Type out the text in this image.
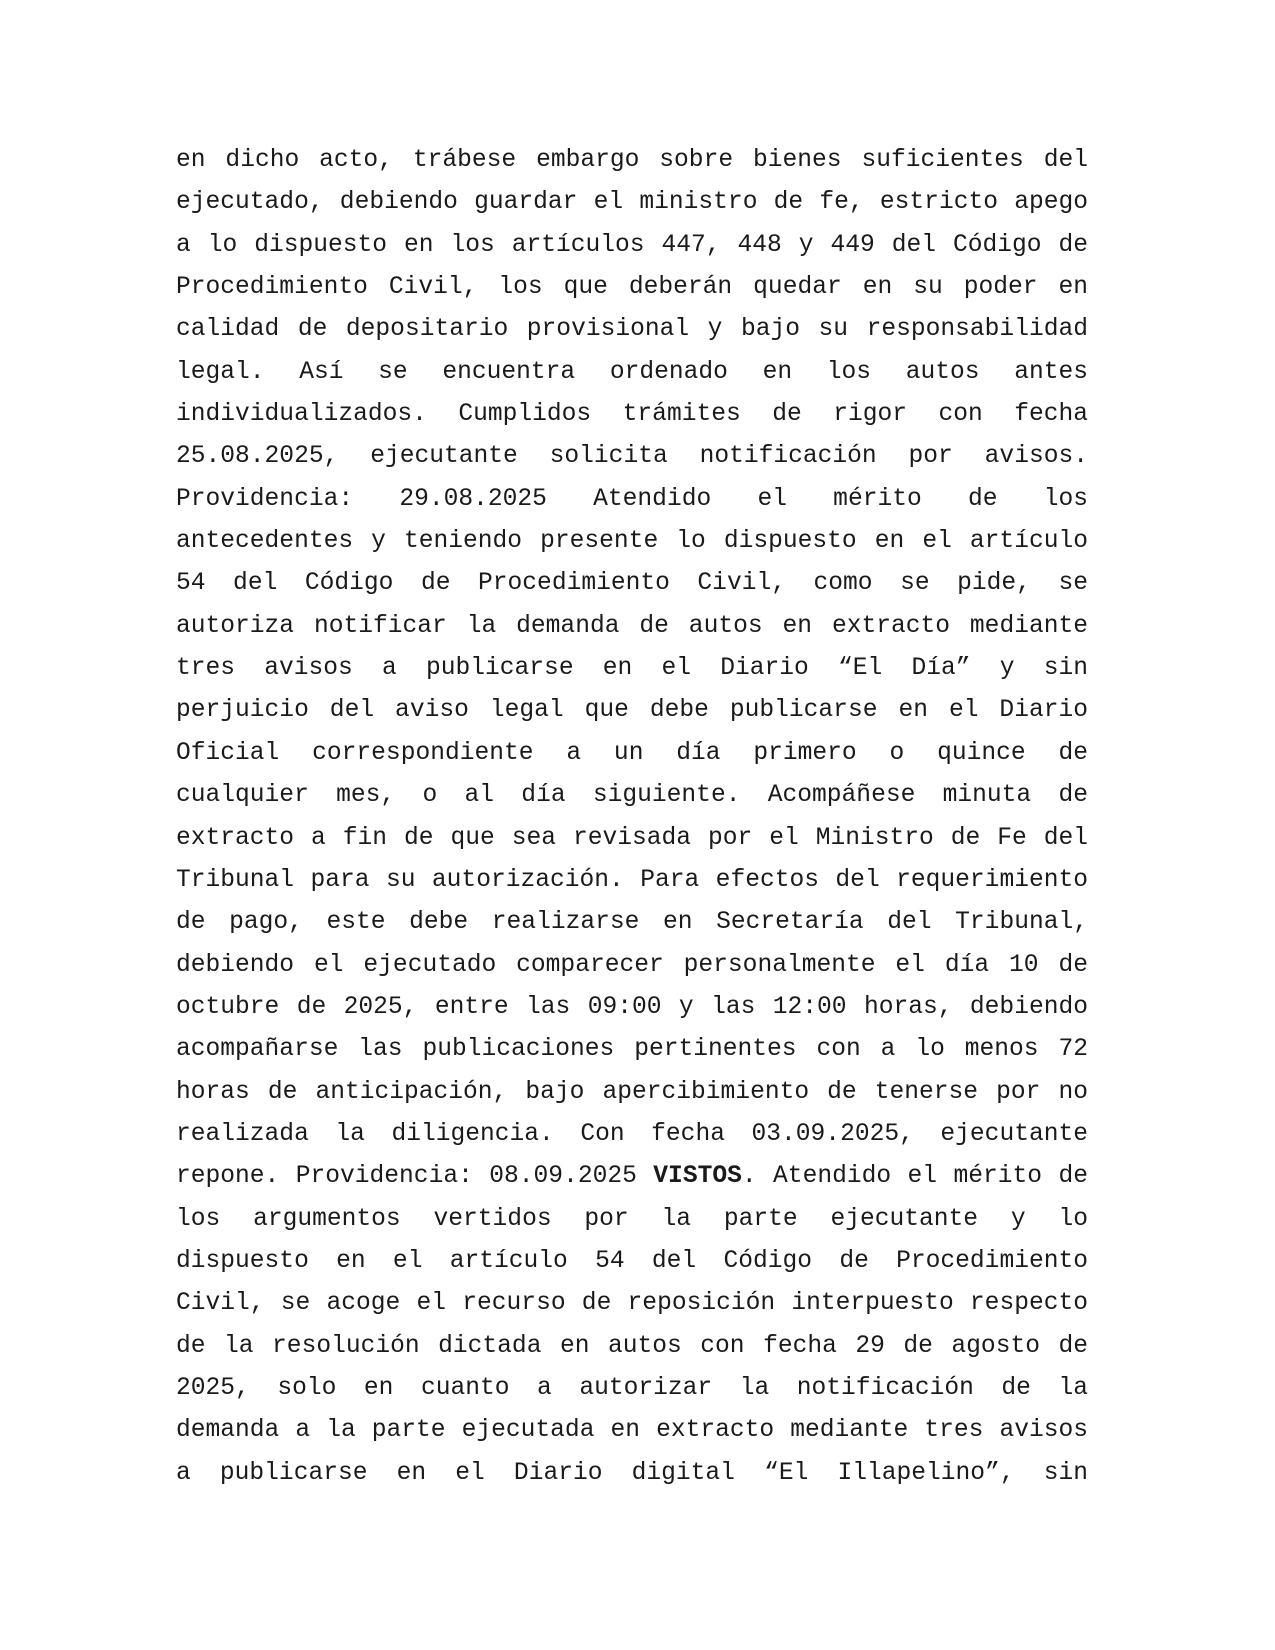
en dicho acto, trábese embargo sobre bienes suficientes del
ejecutado, debiendo guardar el ministro de fe, estricto apego
a lo dispuesto en los artículos 447, 448 y 449 del Código de
Procedimiento Civil, los que deberán quedar en su poder en
calidad de depositario provisional y bajo su responsabilidad
legal. Así se encuentra ordenado en los autos antes
individualizados. Cumplidos trámites de rigor con fecha
25.08.2025, ejecutante solicita notificación por avisos.
Providencia: 29.08.2025 Atendido el mérito de los
antecedentes y teniendo presente lo dispuesto en el artículo
54 del Código de Procedimiento Civil, como se pide, se
autoriza notificar la demanda de autos en extracto mediante
tres avisos a publicarse en el Diario “El Día” y sin
perjuicio del aviso legal que debe publicarse en el Diario
Oficial correspondiente a un día primero o quince de
cualquier mes, o al día siguiente. Acompáñese minuta de
extracto a fin de que sea revisada por el Ministro de Fe del
Tribunal para su autorización. Para efectos del requerimiento
de pago, este debe realizarse en Secretaría del Tribunal,
debiendo el ejecutado comparecer personalmente el día 10 de
octubre de 2025, entre las 09:00 y las 12:00 horas, debiendo
acompañarse las publicaciones pertinentes con a lo menos 72
horas de anticipación, bajo apercibimiento de tenerse por no
realizada la diligencia. Con fecha 03.09.2025, ejecutante
repone. Providencia: 08.09.2025 VISTOS. Atendido el mérito de
los argumentos vertidos por la parte ejecutante y lo
dispuesto en el artículo 54 del Código de Procedimiento
Civil, se acoge el recurso de reposición interpuesto respecto
de la resolución dictada en autos con fecha 29 de agosto de
2025, solo en cuanto a autorizar la notificación de la
demanda a la parte ejecutada en extracto mediante tres avisos
a publicarse en el Diario digital “El Illapelino”, sin
